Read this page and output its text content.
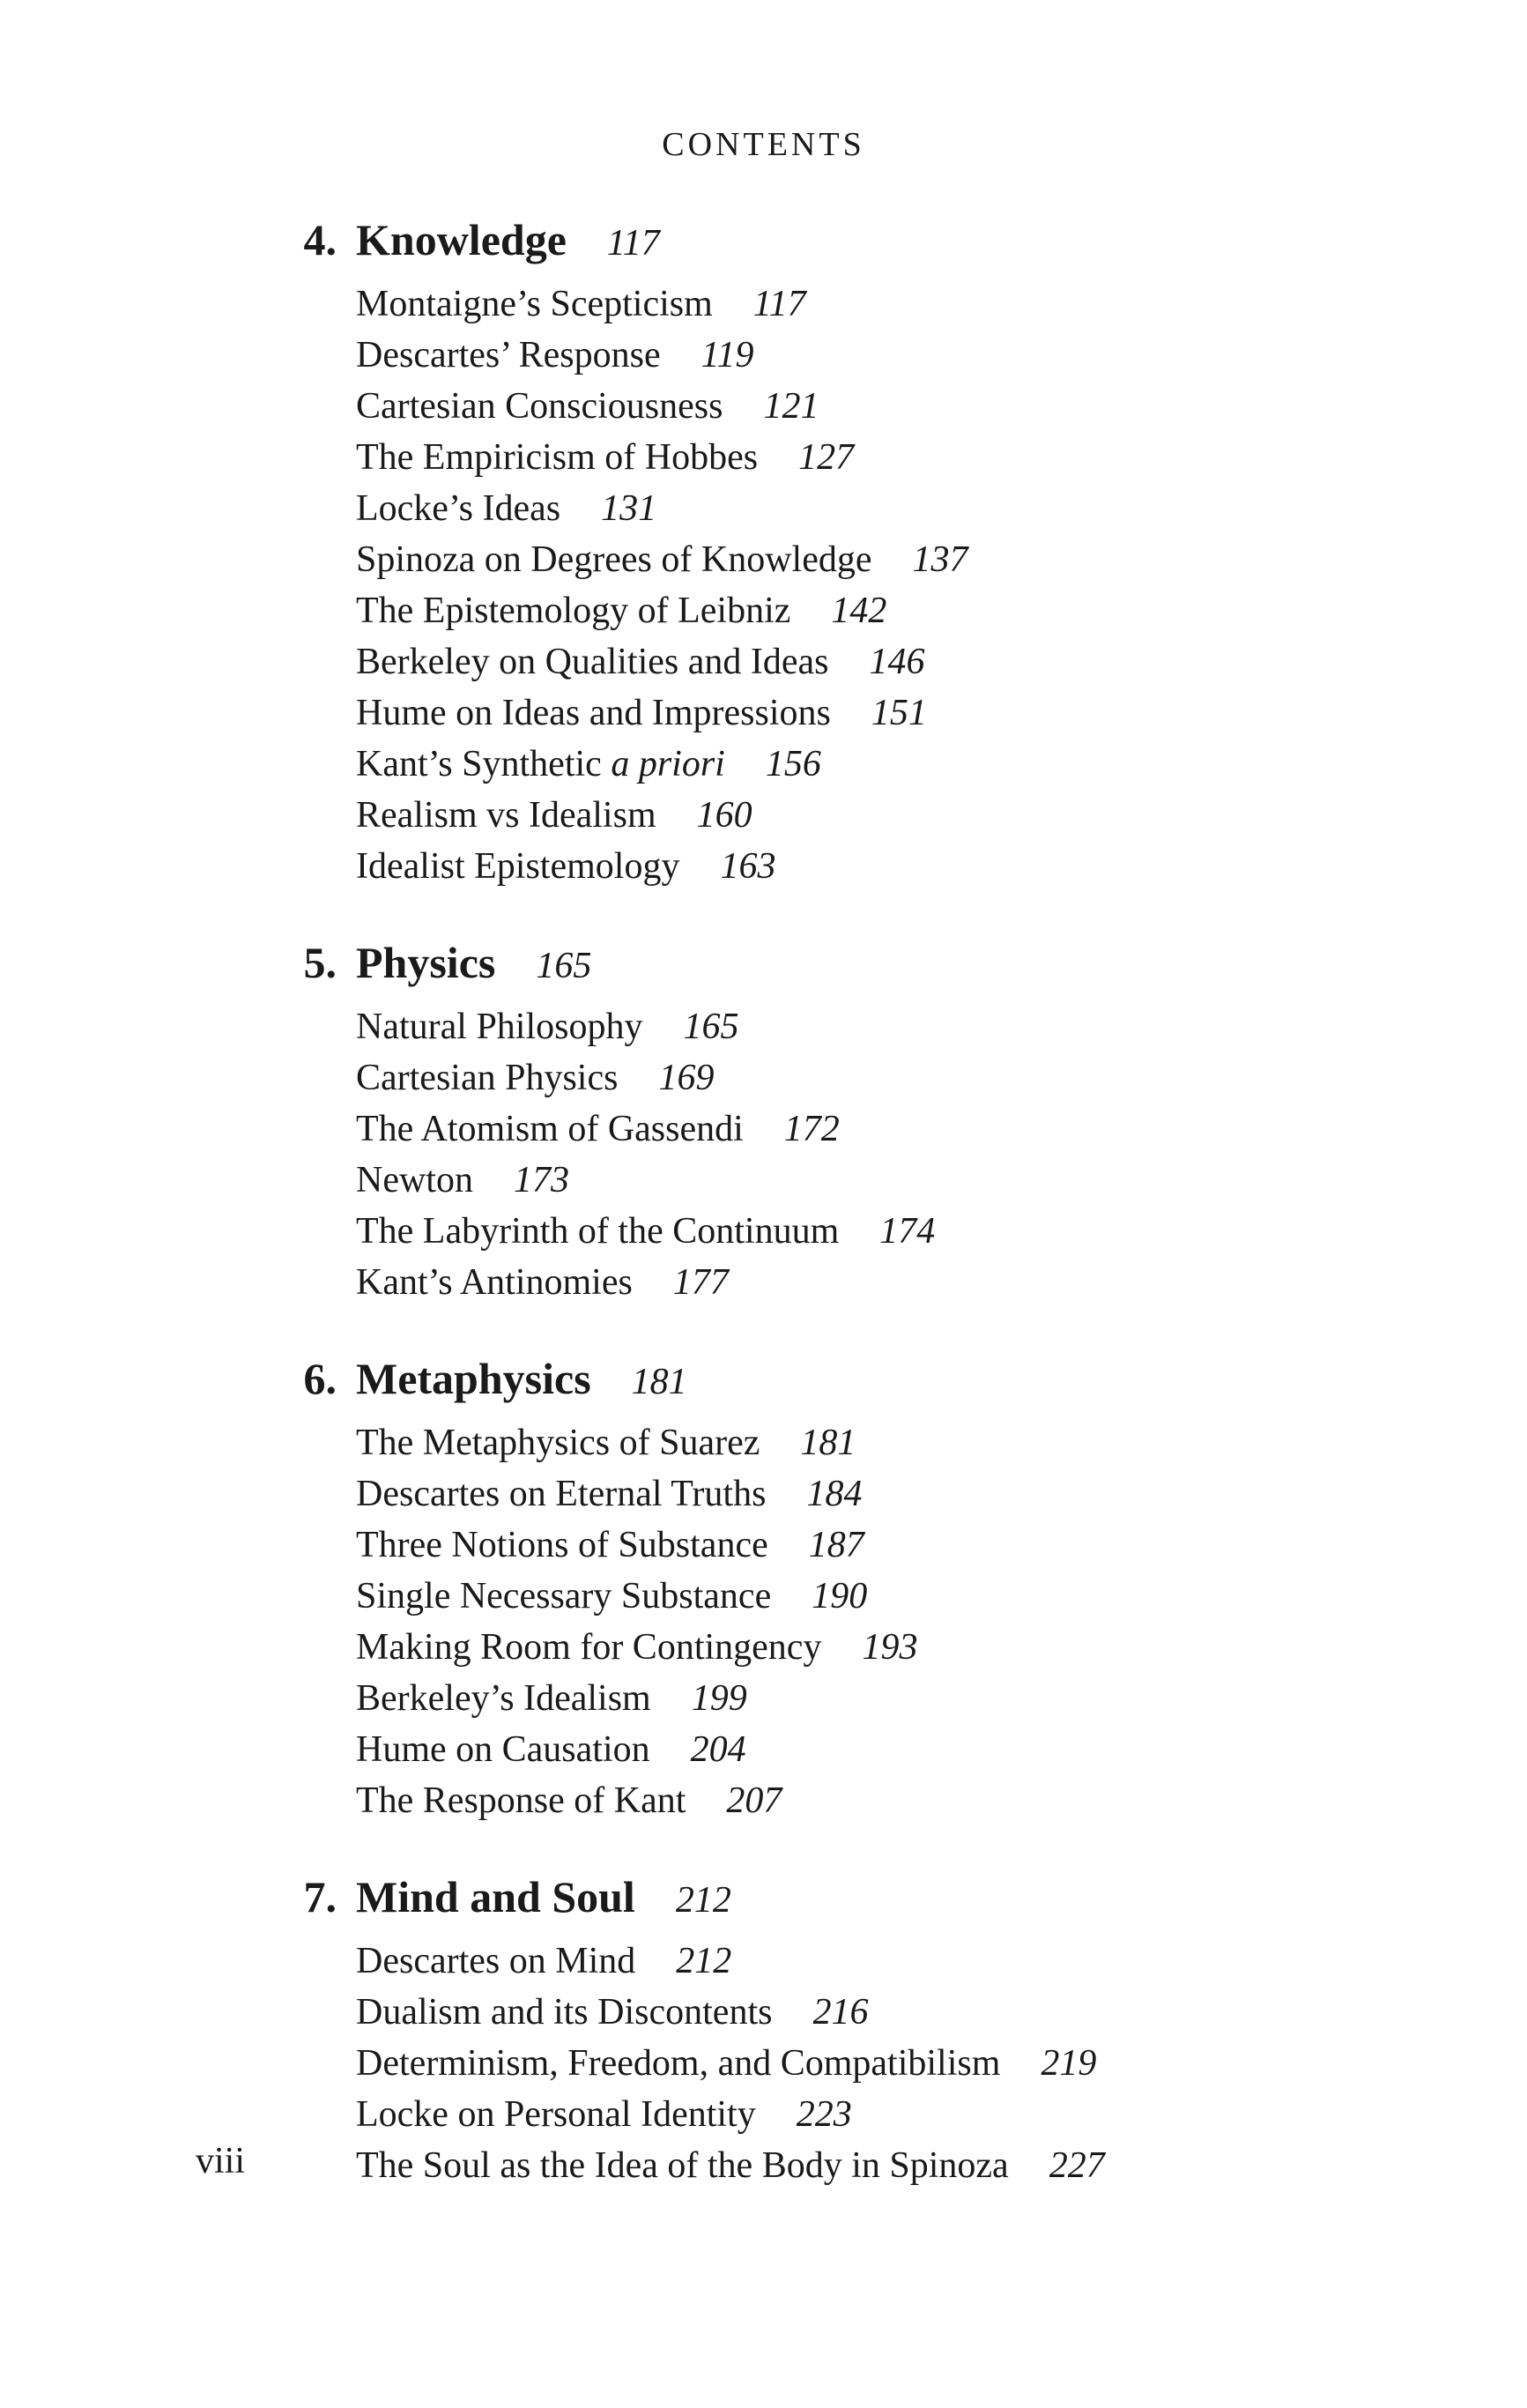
CONTENTS
4. Knowledge 117
Montaigne’s Scepticism 117
Descartes’ Response 119
Cartesian Consciousness 121
The Empiricism of Hobbes 127
Locke’s Ideas 131
Spinoza on Degrees of Knowledge 137
The Epistemology of Leibniz 142
Berkeley on Qualities and Ideas 146
Hume on Ideas and Impressions 151
Kant’s Synthetic
a priori 156
Realism vs Idealism 160
Idealist Epistemology 163
5. Physics 165
Natural Philosophy 165
Cartesian Physics 169
The Atomism of Gassendi 172
Newton 173
The Labyrinth of the Continuum 174
Kant’s Antinomies 177
6. Metaphysics 181
The Metaphysics of Suarez 181
Descartes on Eternal Truths 184
Three Notions of Substance 187
Single Necessary Substance 190
Making Room for Contingency 193
Berkeley’s Idealism 199
Hume on Causation 204
The Response of Kant 207
7. Mind and Soul 212
Descartes on Mind 212
Dualism and its Discontents 216
Determinism, Freedom, and Compatibilism 219
Locke on Personal Identity 223
The Soul as the Idea of the Body in Spinoza 227
viii
